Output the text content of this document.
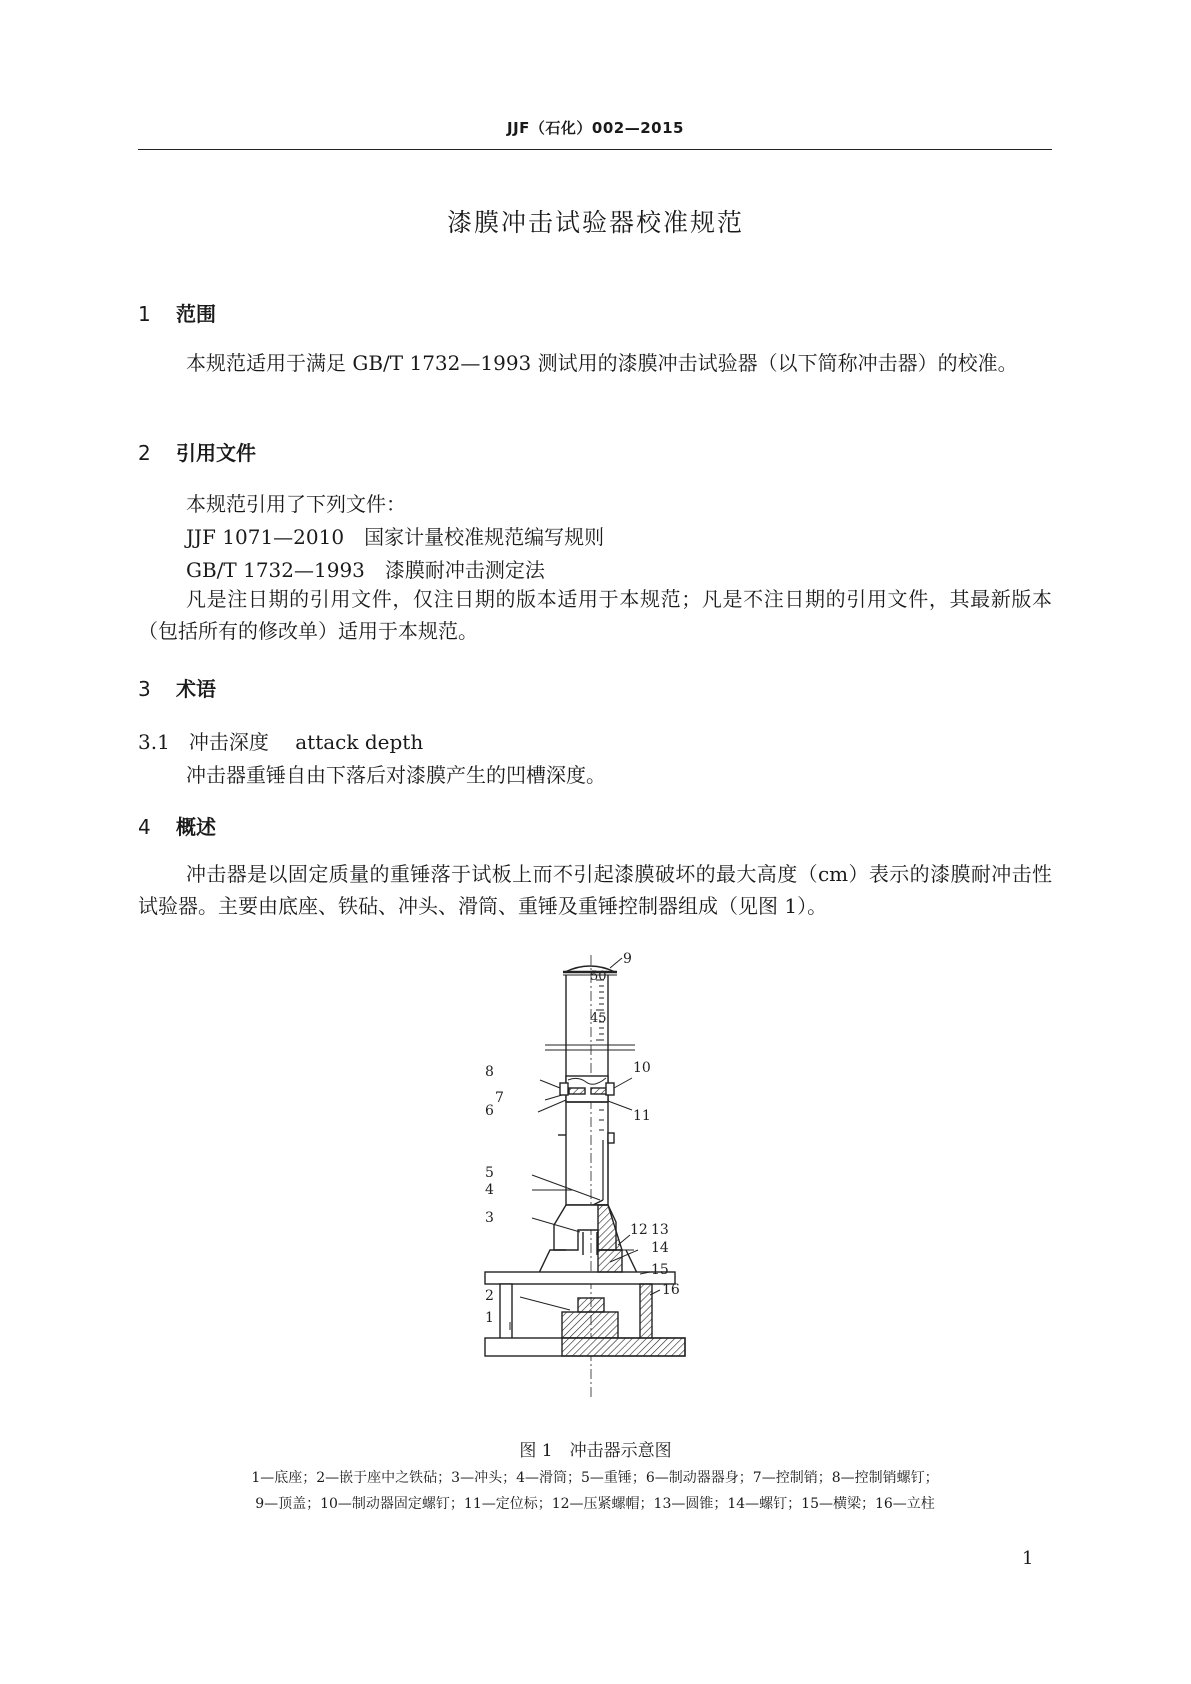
JJF（石化）002—2015
漆膜冲击试验器校准规范
1 范围
本规范适用于满足 GB/T 1732—1993 测试用的漆膜冲击试验器（以下简称冲击器）的校准。
2 引用文件
本规范引用了下列文件：
JJF 1071—2010　国家计量校准规范编写规则
GB/T 1732—1993　漆膜耐冲击测定法
凡是注日期的引用文件，仅注日期的版本适用于本规范；凡是不注日期的引用文件，其最新版本（包括所有的修改单）适用于本规范。
3 术语
3.1 冲击深度　 attack depth
冲击器重锤自由下落后对漆膜产生的凹槽深度。
4 概述
冲击器是以固定质量的重锤落于试板上而不引起漆膜破坏的最大高度（cm）表示的漆膜耐冲击性试验器。主要由底座、铁砧、冲头、滑筒、重锤及重锤控制器组成（见图 1）。
50
45
1
2
3
4
5
6
7
8
9
10
11
12 13
14
15
16
图 1　冲击器示意图
1—底座；2—嵌于座中之铁砧；3—冲头；4—滑筒；5—重锤；6—制动器器身；7—控制销；8—控制销螺钉；
9—顶盖；10—制动器固定螺钉；11—定位标；12—压紧螺帽；13—圆锥；14—螺钉；15—横梁；16—立柱
1
